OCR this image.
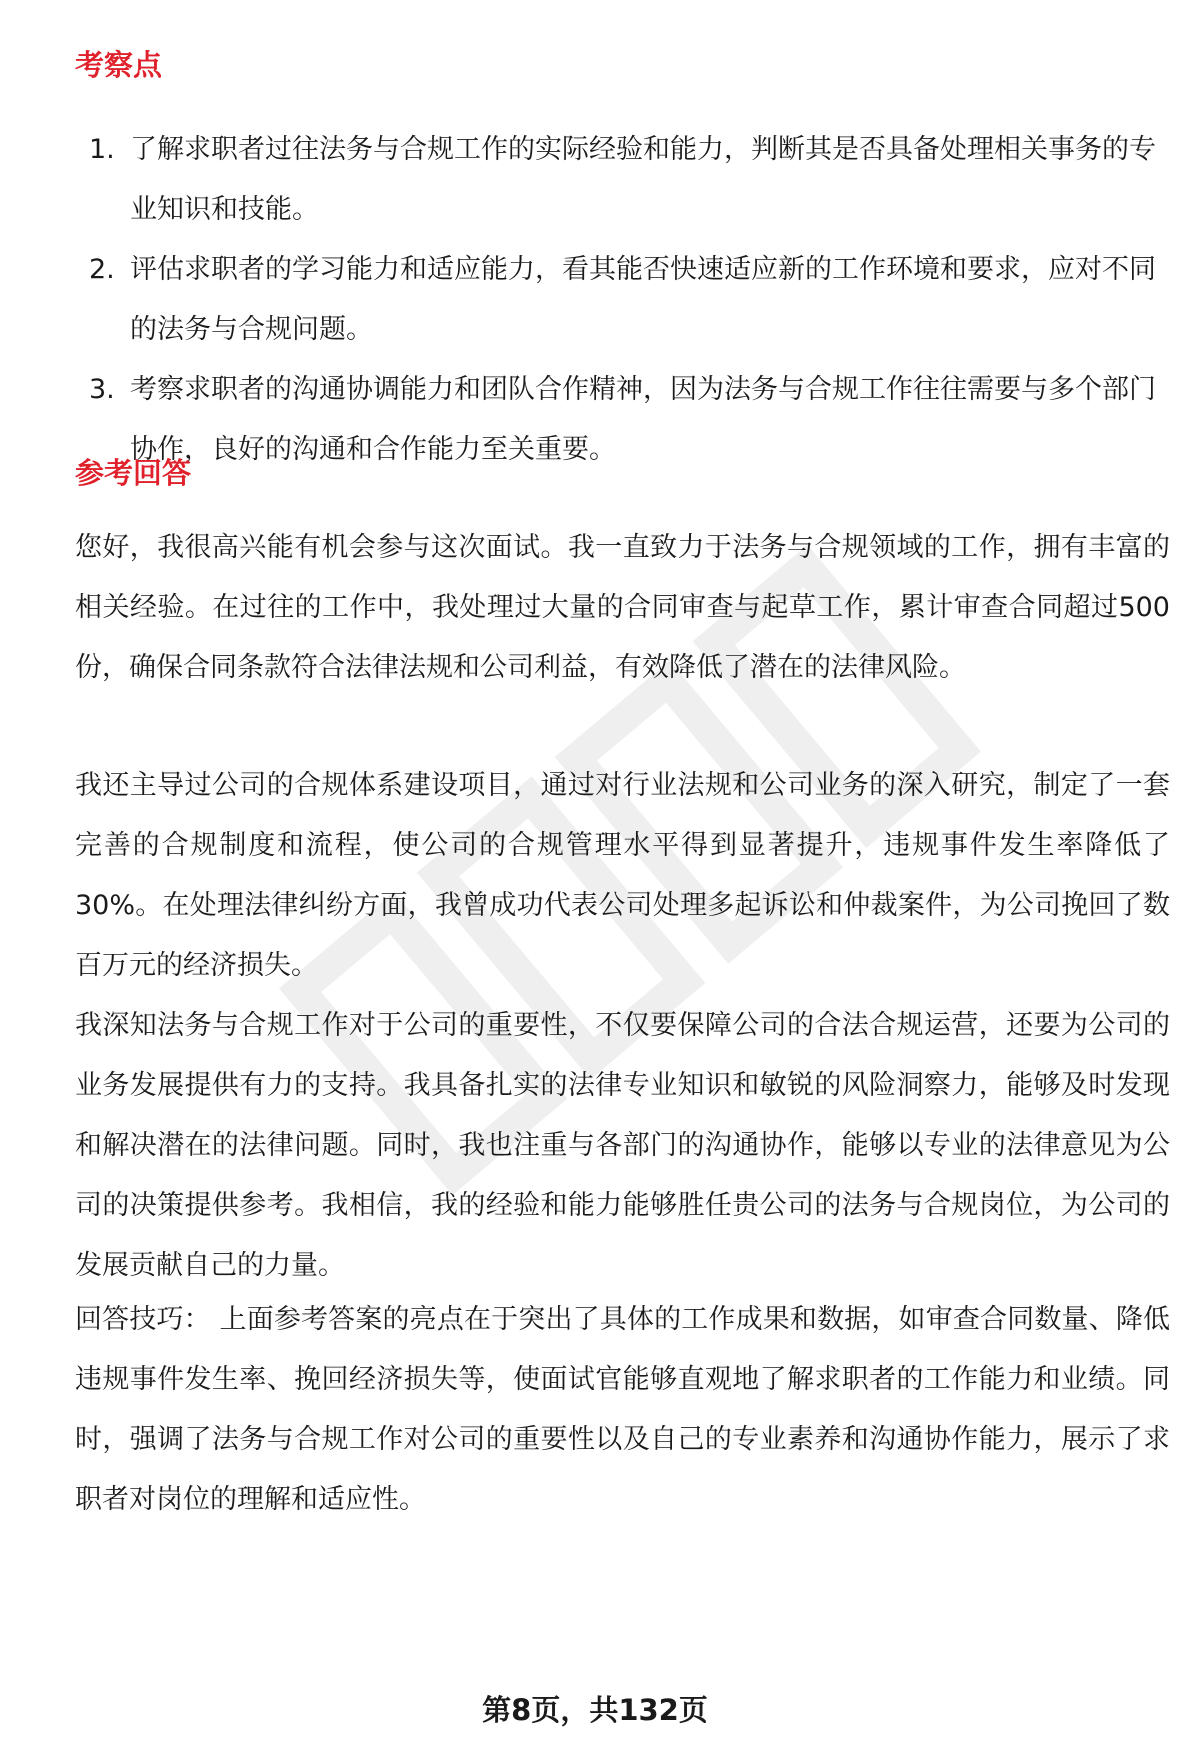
考察点
1. 了解求职者过往法务与合规工作的实际经验和能力，判断其是否具备处理相关事务的专业知识和技能。
2. 评估求职者的学习能力和适应能力，看其能否快速适应新的工作环境和要求，应对不同的法务与合规问题。
3. 考察求职者的沟通协调能力和团队合作精神，因为法务与合规工作往往需要与多个部门协作，良好的沟通和合作能力至关重要。
参考回答

您好，我很高兴能有机会参与这次面试。我一直致力于法务与合规领域的工作，拥有丰富的相关经验。在过往的工作中，我处理过大量的合同审查与起草工作，累计审查合同超过500份，确保合同条款符合法律法规和公司利益，有效降低了潜在的法律风险。

我还主导过公司的合规体系建设项目，通过对行业法规和公司业务的深入研究，制定了一套完善的合规制度和流程，使公司的合规管理水平得到显著提升，违规事件发生率降低了30%。在处理法律纠纷方面，我曾成功代表公司处理多起诉讼和仲裁案件，为公司挽回了数百万元的经济损失。

我深知法务与合规工作对于公司的重要性，不仅要保障公司的合法合规运营，还要为公司的业务发展提供有力的支持。我具备扎实的法律专业知识和敏锐的风险洞察力，能够及时发现和解决潜在的法律问题。同时，我也注重与各部门的沟通协作，能够以专业的法律意见为公司的决策提供参考。我相信，我的经验和能力能够胜任贵公司的法务与合规岗位，为公司的发展贡献自己的力量。

回答技巧： 上面参考答案的亮点在于突出了具体的工作成果和数据，如审查合同数量、降低违规事件发生率、挽回经济损失等，使面试官能够直观地了解求职者的工作能力和业绩。同时，强调了法务与合规工作对公司的重要性以及自己的专业素养和沟通协作能力，展示了求职者对岗位的理解和适应性。

第8页，共132页
